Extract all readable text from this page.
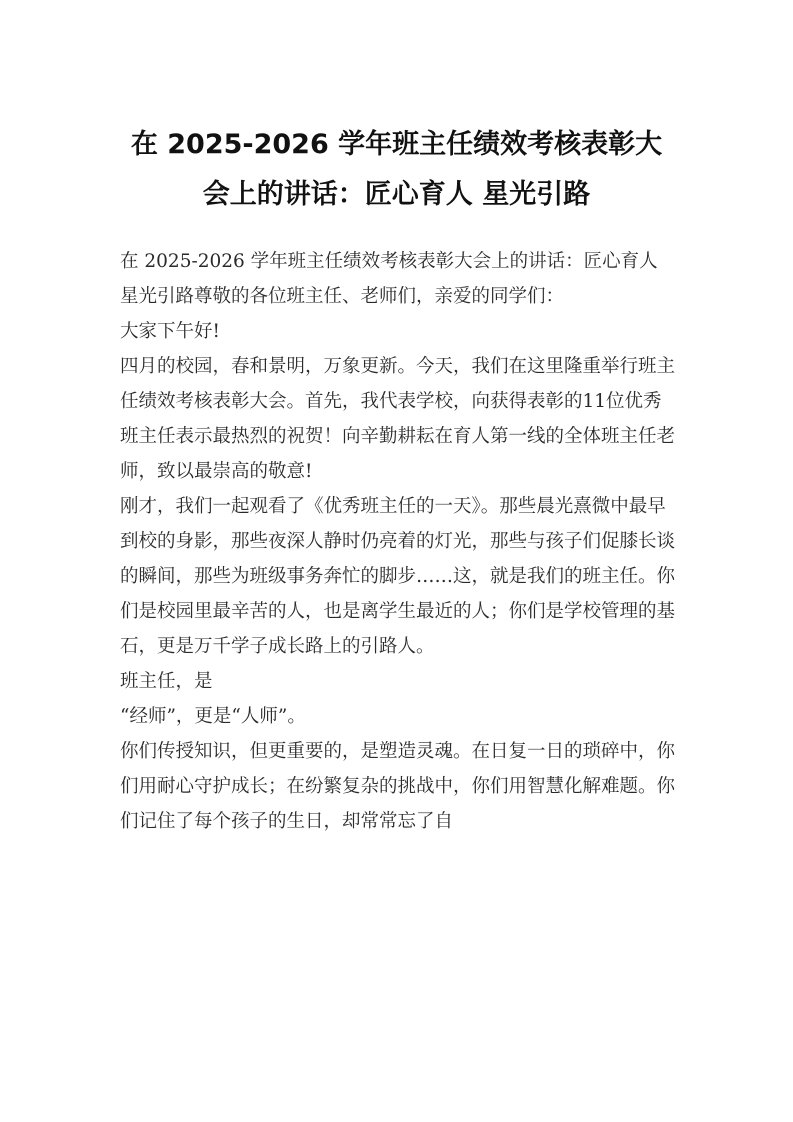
在 2025-2026 学年班主任绩效考核表彰大
会上的讲话：匠心育人 星光引路

在 2025-2026 学年班主任绩效考核表彰大会上的讲话：匠心育人

星光引路尊敬的各位班主任、老师们，亲爱的同学们：

大家下午好!

四月的校园，春和景明，万象更新。今天，我们在这里隆重举行班主任绩效考核表彰大会。首先，我代表学校，向获得表彰的11位优秀班主任表示最热烈的祝贺！向辛勤耕耘在育人第一线的全体班主任老师，致以最崇高的敬意!

刚才，我们一起观看了《优秀班主任的一天》。那些晨光熹微中最早到校的身影，那些夜深人静时仍亮着的灯光，那些与孩子们促膝长谈的瞬间，那些为班级事务奔忙的脚步……这，就是我们的班主任。你们是校园里最辛苦的人，也是离学生最近的人；你们是学校管理的基石，更是万千学子成长路上的引路人。

班主任，是

“经师”，更是“人师”。

你们传授知识，但更重要的，是塑造灵魂。在日复一日的琐碎中，你们用耐心守护成长；在纷繁复杂的挑战中，你们用智慧化解难题。你们记住了每个孩子的生日，却常常忘了自
